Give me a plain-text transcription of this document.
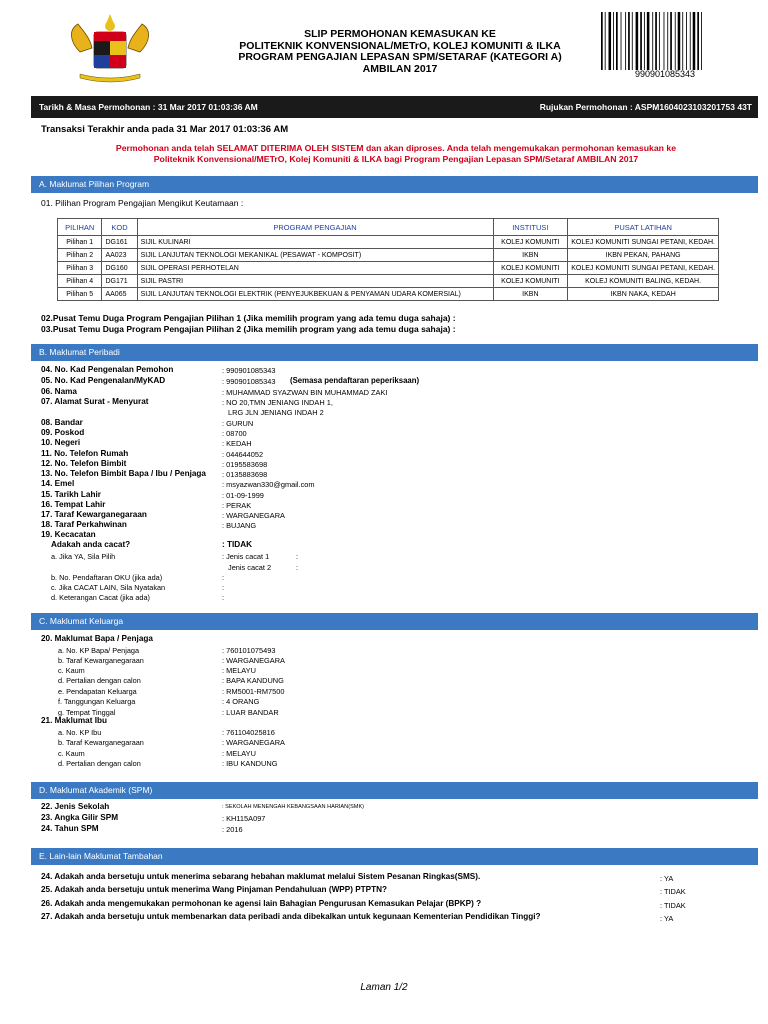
SLIP PERMOHONAN KEMASUKAN KE
POLITEKNIK KONVENSIONAL/METrO, KOLEJ KOMUNITI & ILKA
PROGRAM PENGAJIAN LEPASAN SPM/SETARAF (KATEGORI A)
AMBILAN 2017	990901085343
Tarikh & Masa Permohonan : 31 Mar 2017 01:03:36 AM	Rujukan Permohonan : ASPM1604023103201753 43T
Transaksi Terakhir anda pada 31 Mar 2017 01:03:36 AM
Permohonan anda telah SELAMAT DITERIMA OLEH SISTEM dan akan diproses. Anda telah mengemukakan permohonan kemasukan ke
Politeknik Konvensional/METrO, Kolej Komuniti & ILKA bagi Program Pengajian Lepasan SPM/Setaraf AMBILAN 2017
A. Maklumat Pilihan Program
01. Pilihan Program Pengajian Mengikut Keutamaan :
PILIHAN	KOD	PROGRAM PENGAJIAN	INSTITUSI	PUSAT LATIHAN
Pilihan 1	DG161	SIJIL KULINARI	KOLEJ KOMUNITI	KOLEJ KOMUNITI SUNGAI PETANI, KEDAH.
Pilihan 2	AA023	SIJIL LANJUTAN TEKNOLOGI MEKANIKAL (PESAWAT - KOMPOSIT)	IKBN	IKBN PEKAN, PAHANG
Pilihan 3	DG160	SIJIL OPERASI PERHOTELAN	KOLEJ KOMUNITI	KOLEJ KOMUNITI SUNGAI PETANI, KEDAH.
Pilihan 4	DG171	SIJIL PASTRI	KOLEJ KOMUNITI	KOLEJ KOMUNITI BALING, KEDAH.
Pilihan 5	AA065	SIJIL LANJUTAN TEKNOLOGI ELEKTRIK (PENYEJUKBEKUAN & PENYAMAN UDARA KOMERSIAL)	IKBN	IKBN NAKA, KEDAH
02.Pusat Temu Duga Program Pengajian Pilihan 1 (Jika memilih program yang ada temu duga sahaja) :
03.Pusat Temu Duga Program Pengajian Pilihan 2 (Jika memilih program yang ada temu duga sahaja) :
B. Maklumat Peribadi
04. No. Kad Pengenalan Pemohon	: 990901085343
05. No. Kad Pengenalan/MyKAD	: 990901085343 (Semasa pendaftaran peperiksaan)
06. Nama	: MUHAMMAD SYAZWAN BIN MUHAMMAD ZAKI
07. Alamat Surat - Menyurat	: NO 20,TMN JENIANG INDAH 1,
LRG JLN JENIANG INDAH 2
08. Bandar	: GURUN
09. Poskod	: 08700
10. Negeri	: KEDAH
11. No. Telefon Rumah	: 044644052
12. No. Telefon Bimbit	: 0195583698
13. No. Telefon Bimbit Bapa / Ibu / Penjaga : 0135883698
14. Emel	: msyazwan330@gmail.com
15. Tarikh Lahir	: 01-09-1999
16. Tempat Lahir	: PERAK
17. Taraf Kewarganegaraan	: WARGANEGARA
18. Taraf Perkahwinan	: BUJANG
19. Kecacatan
Adakah anda cacat?	: TIDAK
a. Jika YA, Sila Pilih	: Jenis cacat 1	:
Jenis cacat 2	:
b. No. Pendaftaran OKU (jika ada)	:
c. Jika CACAT LAIN, Sila Nyatakan	:
d. Keterangan Cacat (jika ada)	:
C. Maklumat Keluarga
20. Maklumat Bapa / Penjaga
a. No. KP Bapa/ Penjaga	: 760101075493
b. Taraf Kewarganegaraan	: WARGANEGARA
c. Kaum	: MELAYU
d. Pertalian dengan calon	: BAPA KANDUNG
e. Pendapatan Keluarga	: RM5001-RM7500
f. Tanggungan Keluarga	: 4 ORANG
g. Tempat Tinggal	: LUAR BANDAR
21. Maklumat Ibu
a. No. KP Ibu	: 761104025816
b. Taraf Kewarganegaraan	: WARGANEGARA
c. Kaum	: MELAYU
d. Pertalian dengan calon	: IBU KANDUNG
D. Maklumat Akademik (SPM)
22. Jenis Sekolah	: SEKOLAH MENENGAH KEBANGSAAN HARIAN(SMK)
23. Angka Gilir SPM	: KH115A097
24. Tahun SPM	: 2016
E. Lain-lain Maklumat Tambahan
24. Adakah anda bersetuju untuk menerima sebarang hebahan maklumat melalui Sistem Pesanan Ringkas(SMS).	: YA
25. Adakah anda bersetuju untuk menerima Wang Pinjaman Pendahuluan (WPP) PTPTN?	: TIDAK
26. Adakah anda mengemukakan permohonan ke agensi lain Bahagian Pengurusan Kemasukan Pelajar (BPKP) ?	: TIDAK
27. Adakah anda bersetuju untuk membenarkan data peribadi anda dibekalkan untuk kegunaan Kementerian Pendidikan Tinggi?	: YA
Laman 1/2
